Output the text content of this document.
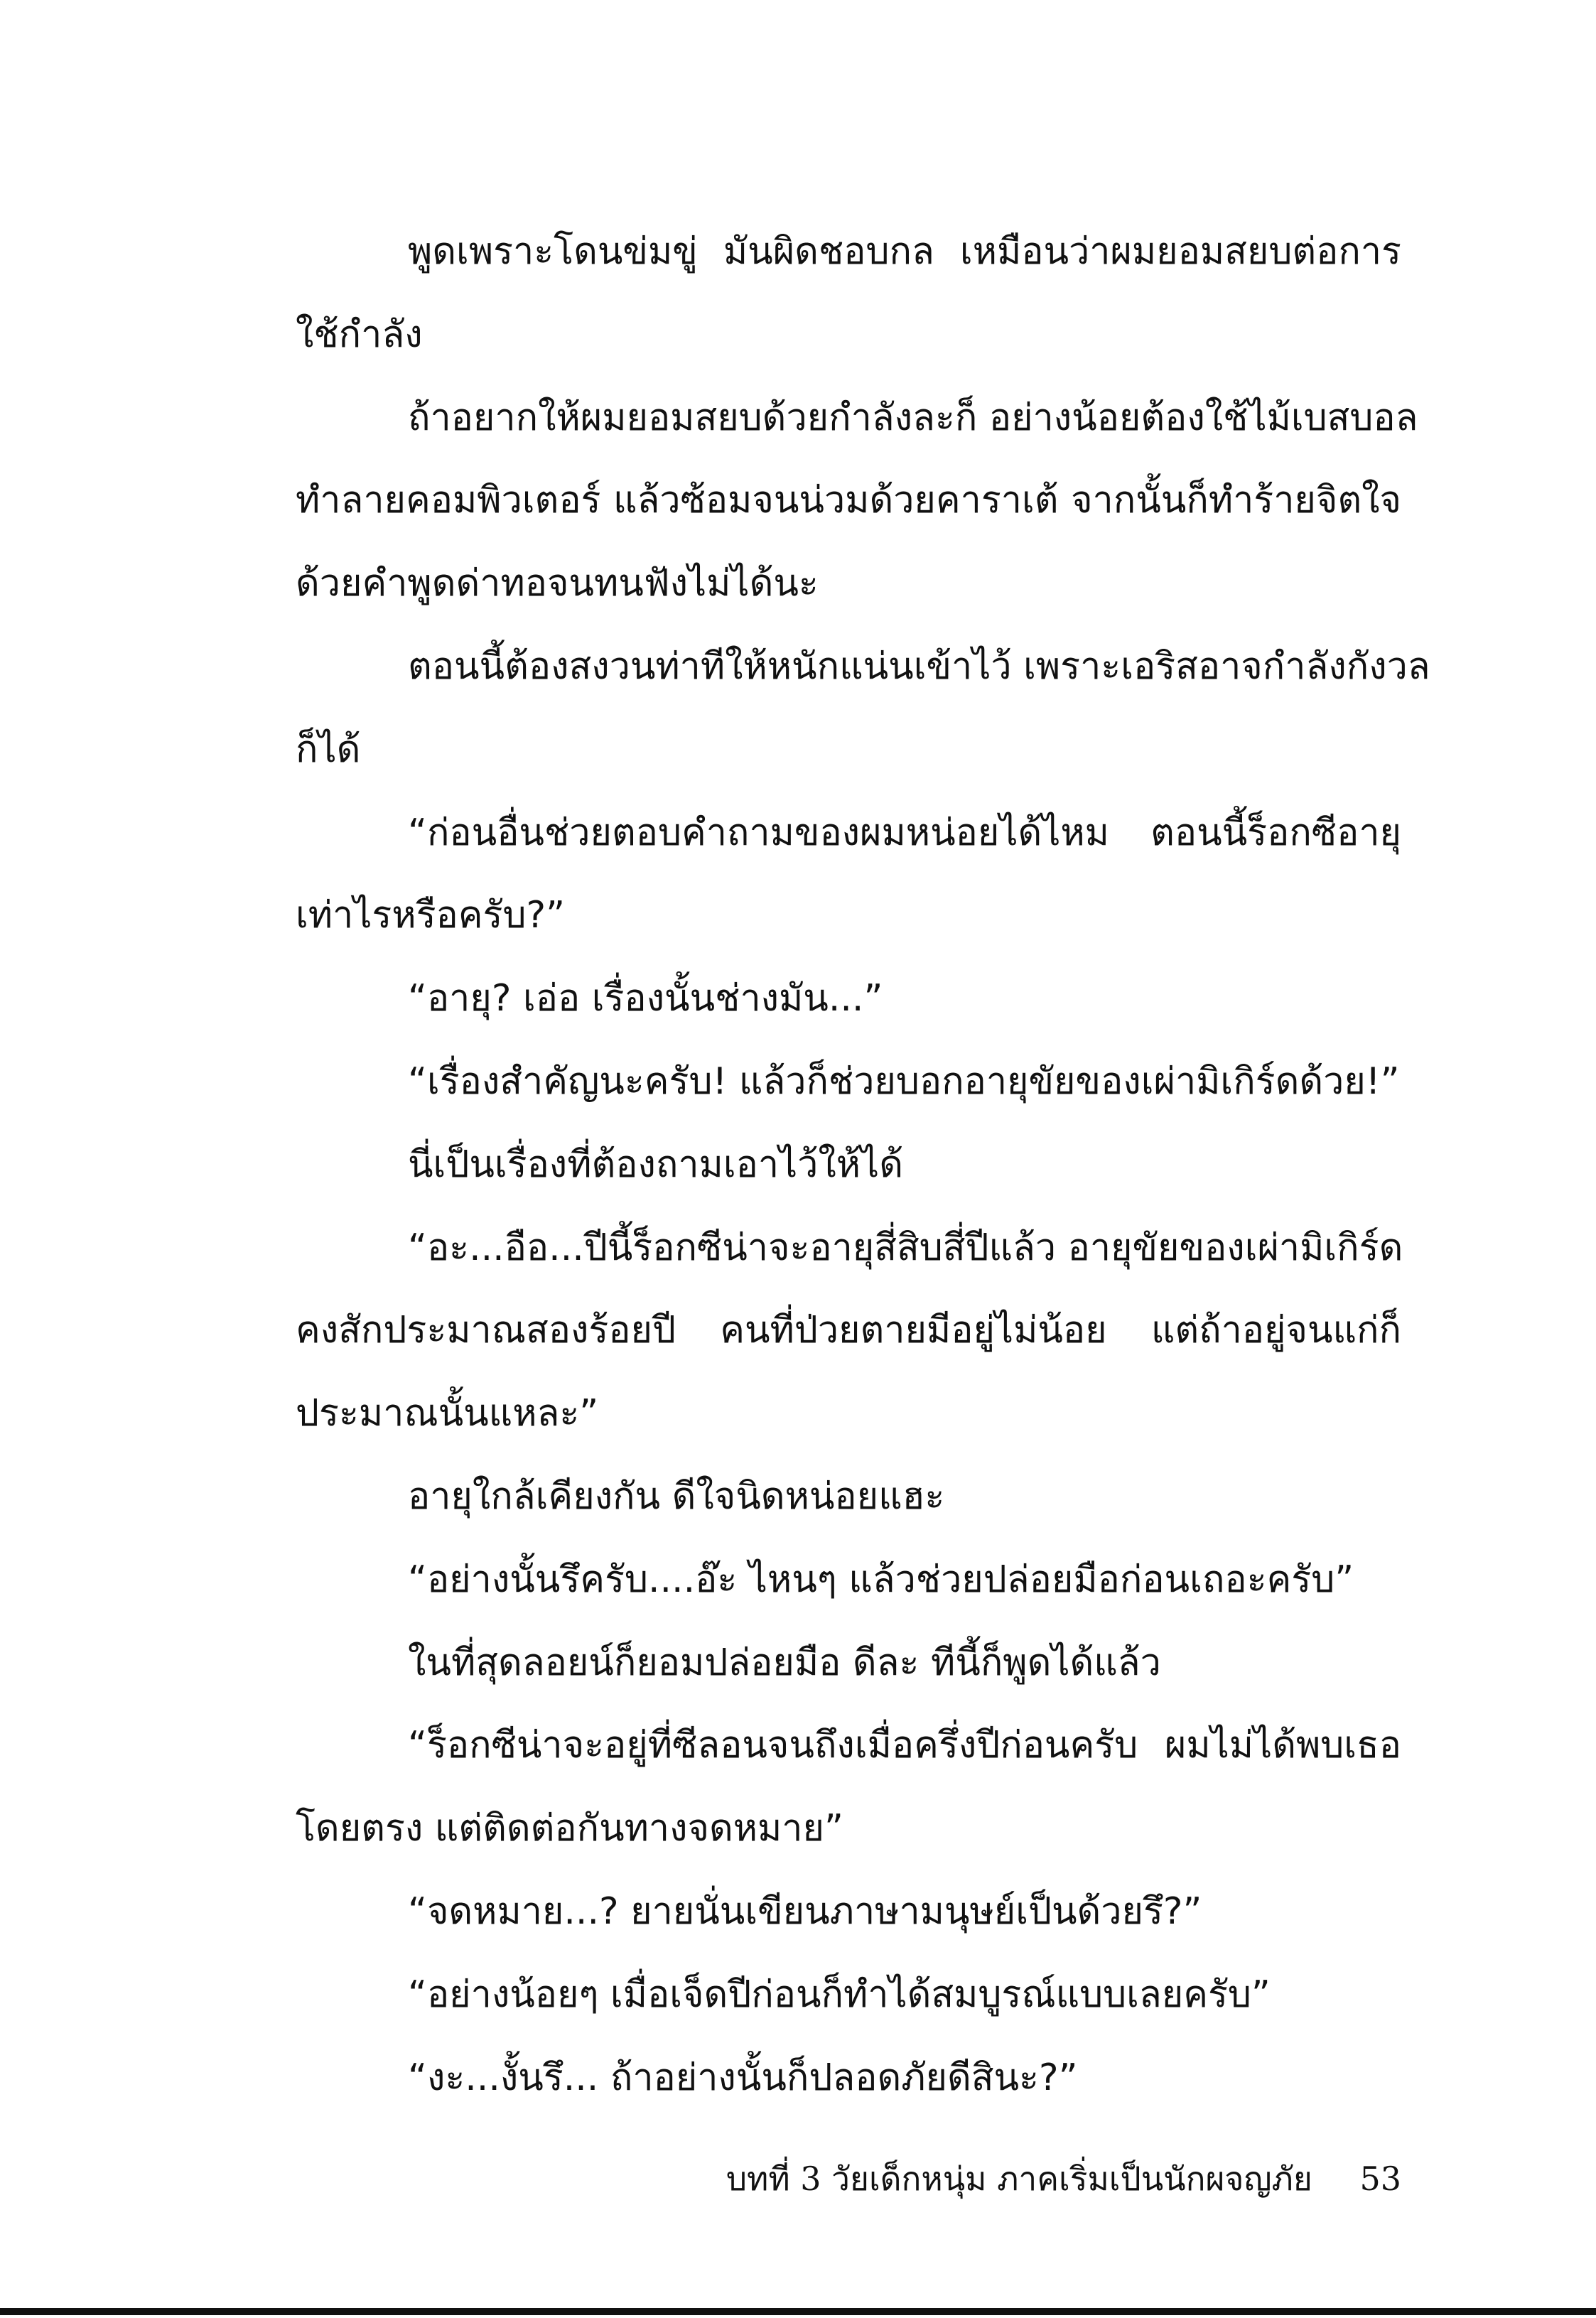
พูดเพราะโดนข่มขู่ มันผิดชอบกล เหมือนว่าผมยอมสยบต่อการ
ใช้กำลัง
ถ้าอยากให้ผมยอมสยบด้วยกำลังละก็ อย่างน้อยต้องใช้ไม้เบสบอล
ทำลายคอมพิวเตอร์ แล้วซ้อมจนน่วมด้วยคาราเต้ จากนั้นก็ทำร้ายจิตใจ
ด้วยคำพูดด่าทอจนทนฟังไม่ได้นะ
ตอนนี้ต้องสงวนท่าทีให้หนักแน่นเข้าไว้ เพราะเอริสอาจกำลังกังวล
ก็ได้
“ก่อนอื่นช่วยตอบคำถามของผมหน่อยได้ไหม ตอนนี้ร็อกซีอายุ
เท่าไรหรือครับ?”
“อายุ? เอ่อ เรื่องนั้นช่างมัน...”
“เรื่องสำคัญนะครับ! แล้วก็ช่วยบอกอายุขัยของเผ่ามิเกิร์ดด้วย!”
นี่เป็นเรื่องที่ต้องถามเอาไว้ให้ได้
“อะ...อือ...ปีนี้ร็อกซีน่าจะอายุสี่สิบสี่ปีแล้ว อายุขัยของเผ่ามิเกิร์ด
คงสักประมาณสองร้อยปี คนที่ป่วยตายมีอยู่ไม่น้อย แต่ถ้าอยู่จนแก่ก็
ประมาณนั้นแหละ”
อายุใกล้เคียงกัน ดีใจนิดหน่อยแฮะ
“อย่างนั้นรึครับ....อ๊ะ ไหนๆ แล้วช่วยปล่อยมือก่อนเถอะครับ”
ในที่สุดลอยน์ก็ยอมปล่อยมือ ดีละ ทีนี้ก็พูดได้แล้ว
“ร็อกซีน่าจะอยู่ที่ซีลอนจนถึงเมื่อครึ่งปีก่อนครับ ผมไม่ได้พบเธอ
โดยตรง แต่ติดต่อกันทางจดหมาย”
“จดหมาย...? ยายนั่นเขียนภาษามนุษย์เป็นด้วยรึ?”
“อย่างน้อยๆ เมื่อเจ็ดปีก่อนก็ทำได้สมบูรณ์แบบเลยครับ”
“งะ...งั้นรึ... ถ้าอย่างนั้นก็ปลอดภัยดีสินะ?”
บทที่ 3 วัยเด็กหนุ่ม ภาคเริ่มเป็นนักผจญภัย 53
